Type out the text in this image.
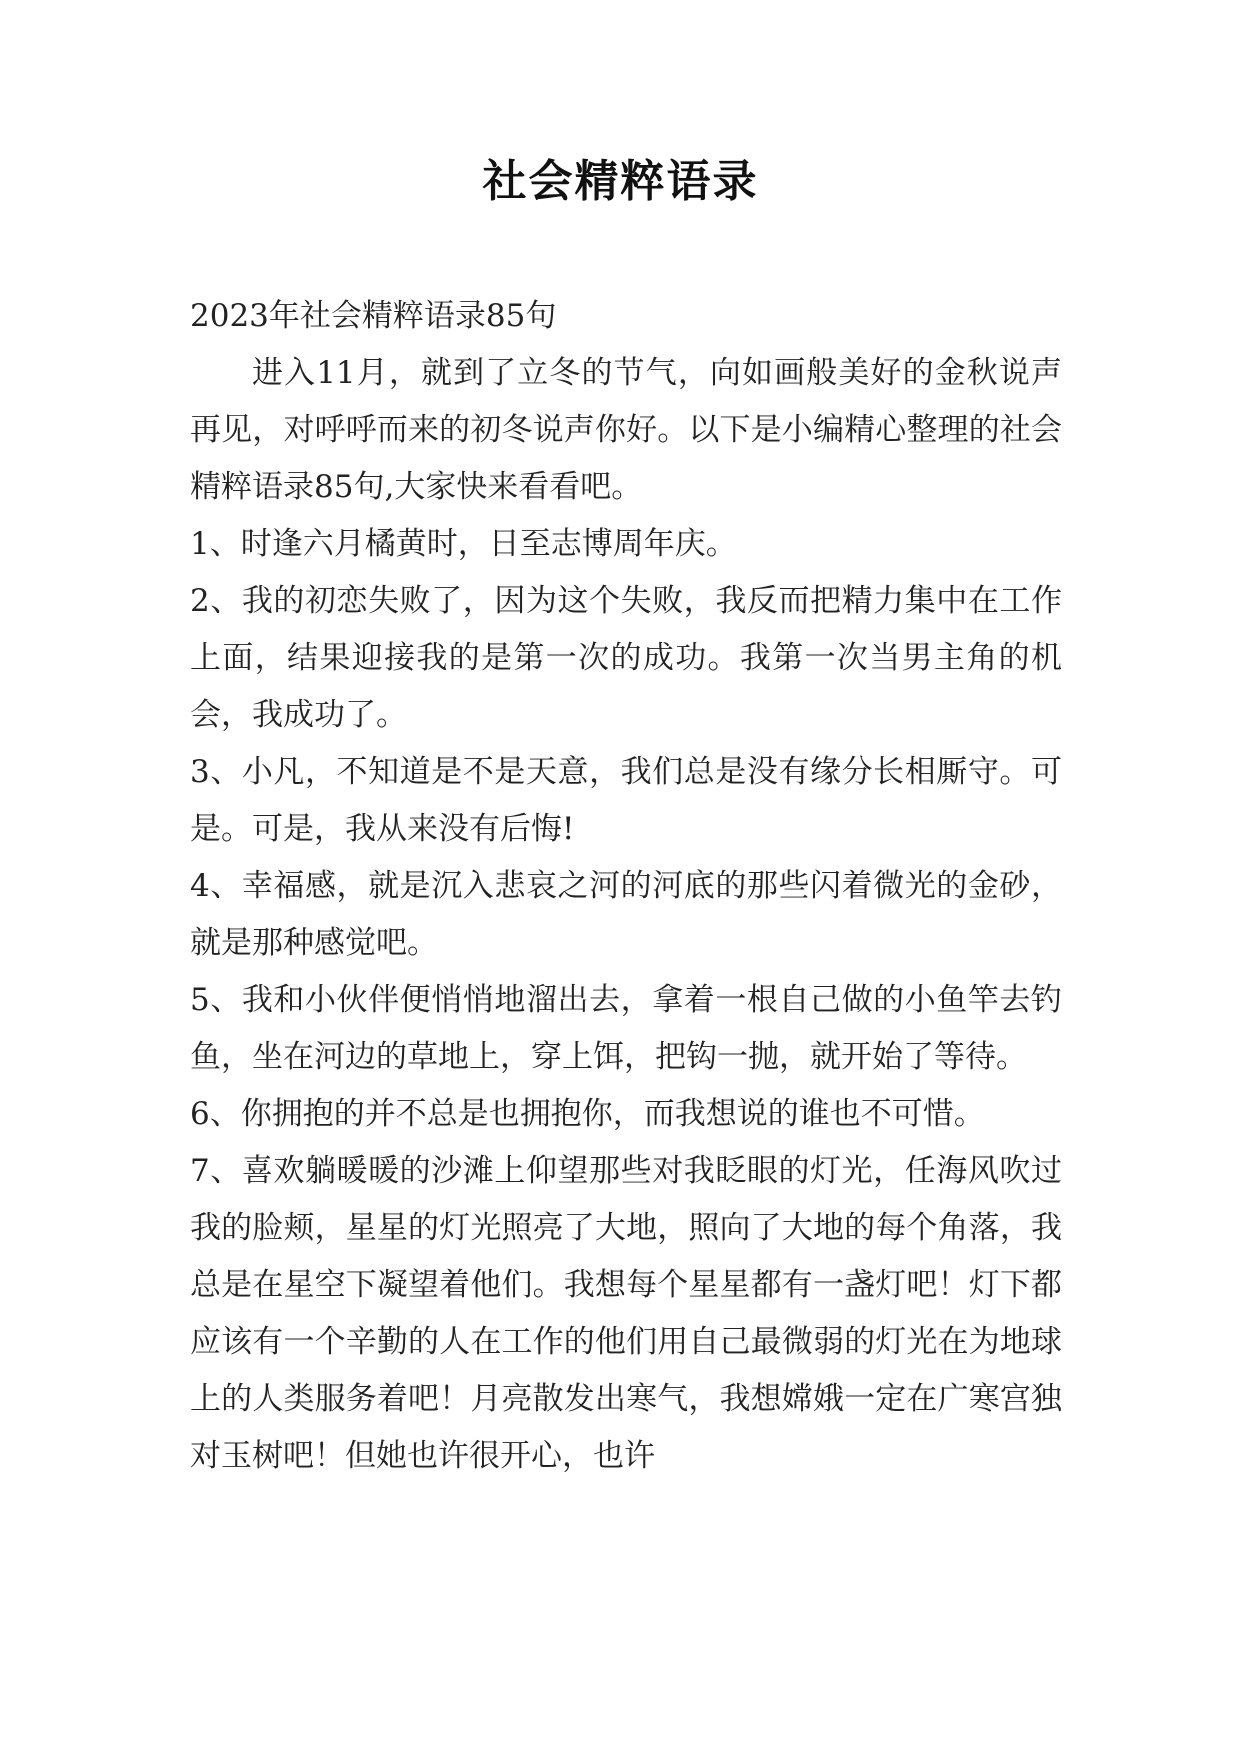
社会精粹语录

2023年社会精粹语录85句

进入11月，就到了立冬的节气，向如画般美好的金秋说声再见，对呼呼而来的初冬说声你好。以下是小编精心整理的社会精粹语录85句,大家快来看看吧。

1、时逢六月橘黄时，日至志博周年庆。

2、我的初恋失败了，因为这个失败，我反而把精力集中在工作上面，结果迎接我的是第一次的成功。我第一次当男主角的机会，我成功了。

3、小凡，不知道是不是天意，我们总是没有缘分长相厮守。可是。可是，我从来没有后悔!

4、幸福感，就是沉入悲哀之河的河底的那些闪着微光的金砂，就是那种感觉吧。

5、我和小伙伴便悄悄地溜出去，拿着一根自己做的小鱼竿去钓鱼，坐在河边的草地上，穿上饵，把钩一抛，就开始了等待。

6、你拥抱的并不总是也拥抱你，而我想说的谁也不可惜。

7、喜欢躺暖暖的沙滩上仰望那些对我眨眼的灯光，任海风吹过我的脸颊，星星的灯光照亮了大地，照向了大地的每个角落，我总是在星空下凝望着他们。我想每个星星都有一盏灯吧！灯下都应该有一个辛勤的人在工作的他们用自己最微弱的灯光在为地球上的人类服务着吧！月亮散发出寒气，我想嫦娥一定在广寒宫独对玉树吧！但她也许很开心，也许
